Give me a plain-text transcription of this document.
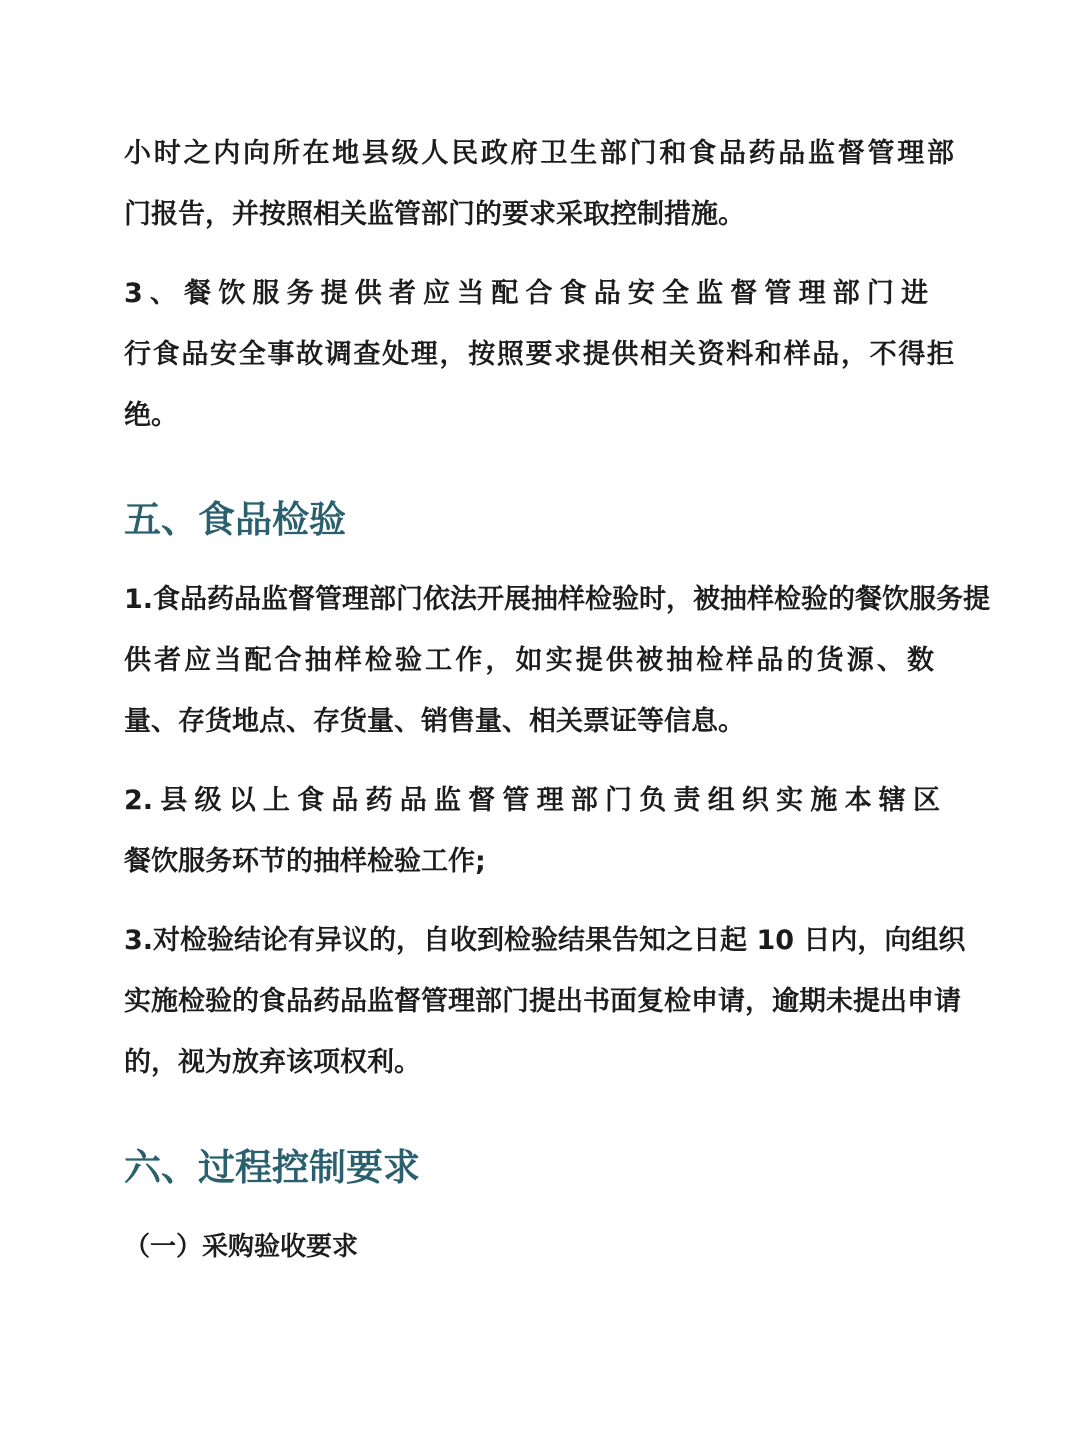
小时之内向所在地县级人民政府卫生部门和食品药品监督管理部
门报告，并按照相关监管部门的要求采取控制措施。
3、餐饮服务提供者应当配合食品安全监督管理部门进
行食品安全事故调查处理，按照要求提供相关资料和样品，不得拒
绝。
五、食品检验
1.食品药品监督管理部门依法开展抽样检验时，被抽样检验的餐饮服务提
供者应当配合抽样检验工作，如实提供被抽检样品的货源、数
量、存货地点、存货量、销售量、相关票证等信息。
2.县级以上食品药品监督管理部门负责组织实施本辖区
餐饮服务环节的抽样检验工作;
3.对检验结论有异议的，自收到检验结果告知之日起 10 日内，向组织
实施检验的食品药品监督管理部门提出书面复检申请，逾期未提出申请
的，视为放弃该项权利。
六、过程控制要求
（一）采购验收要求
